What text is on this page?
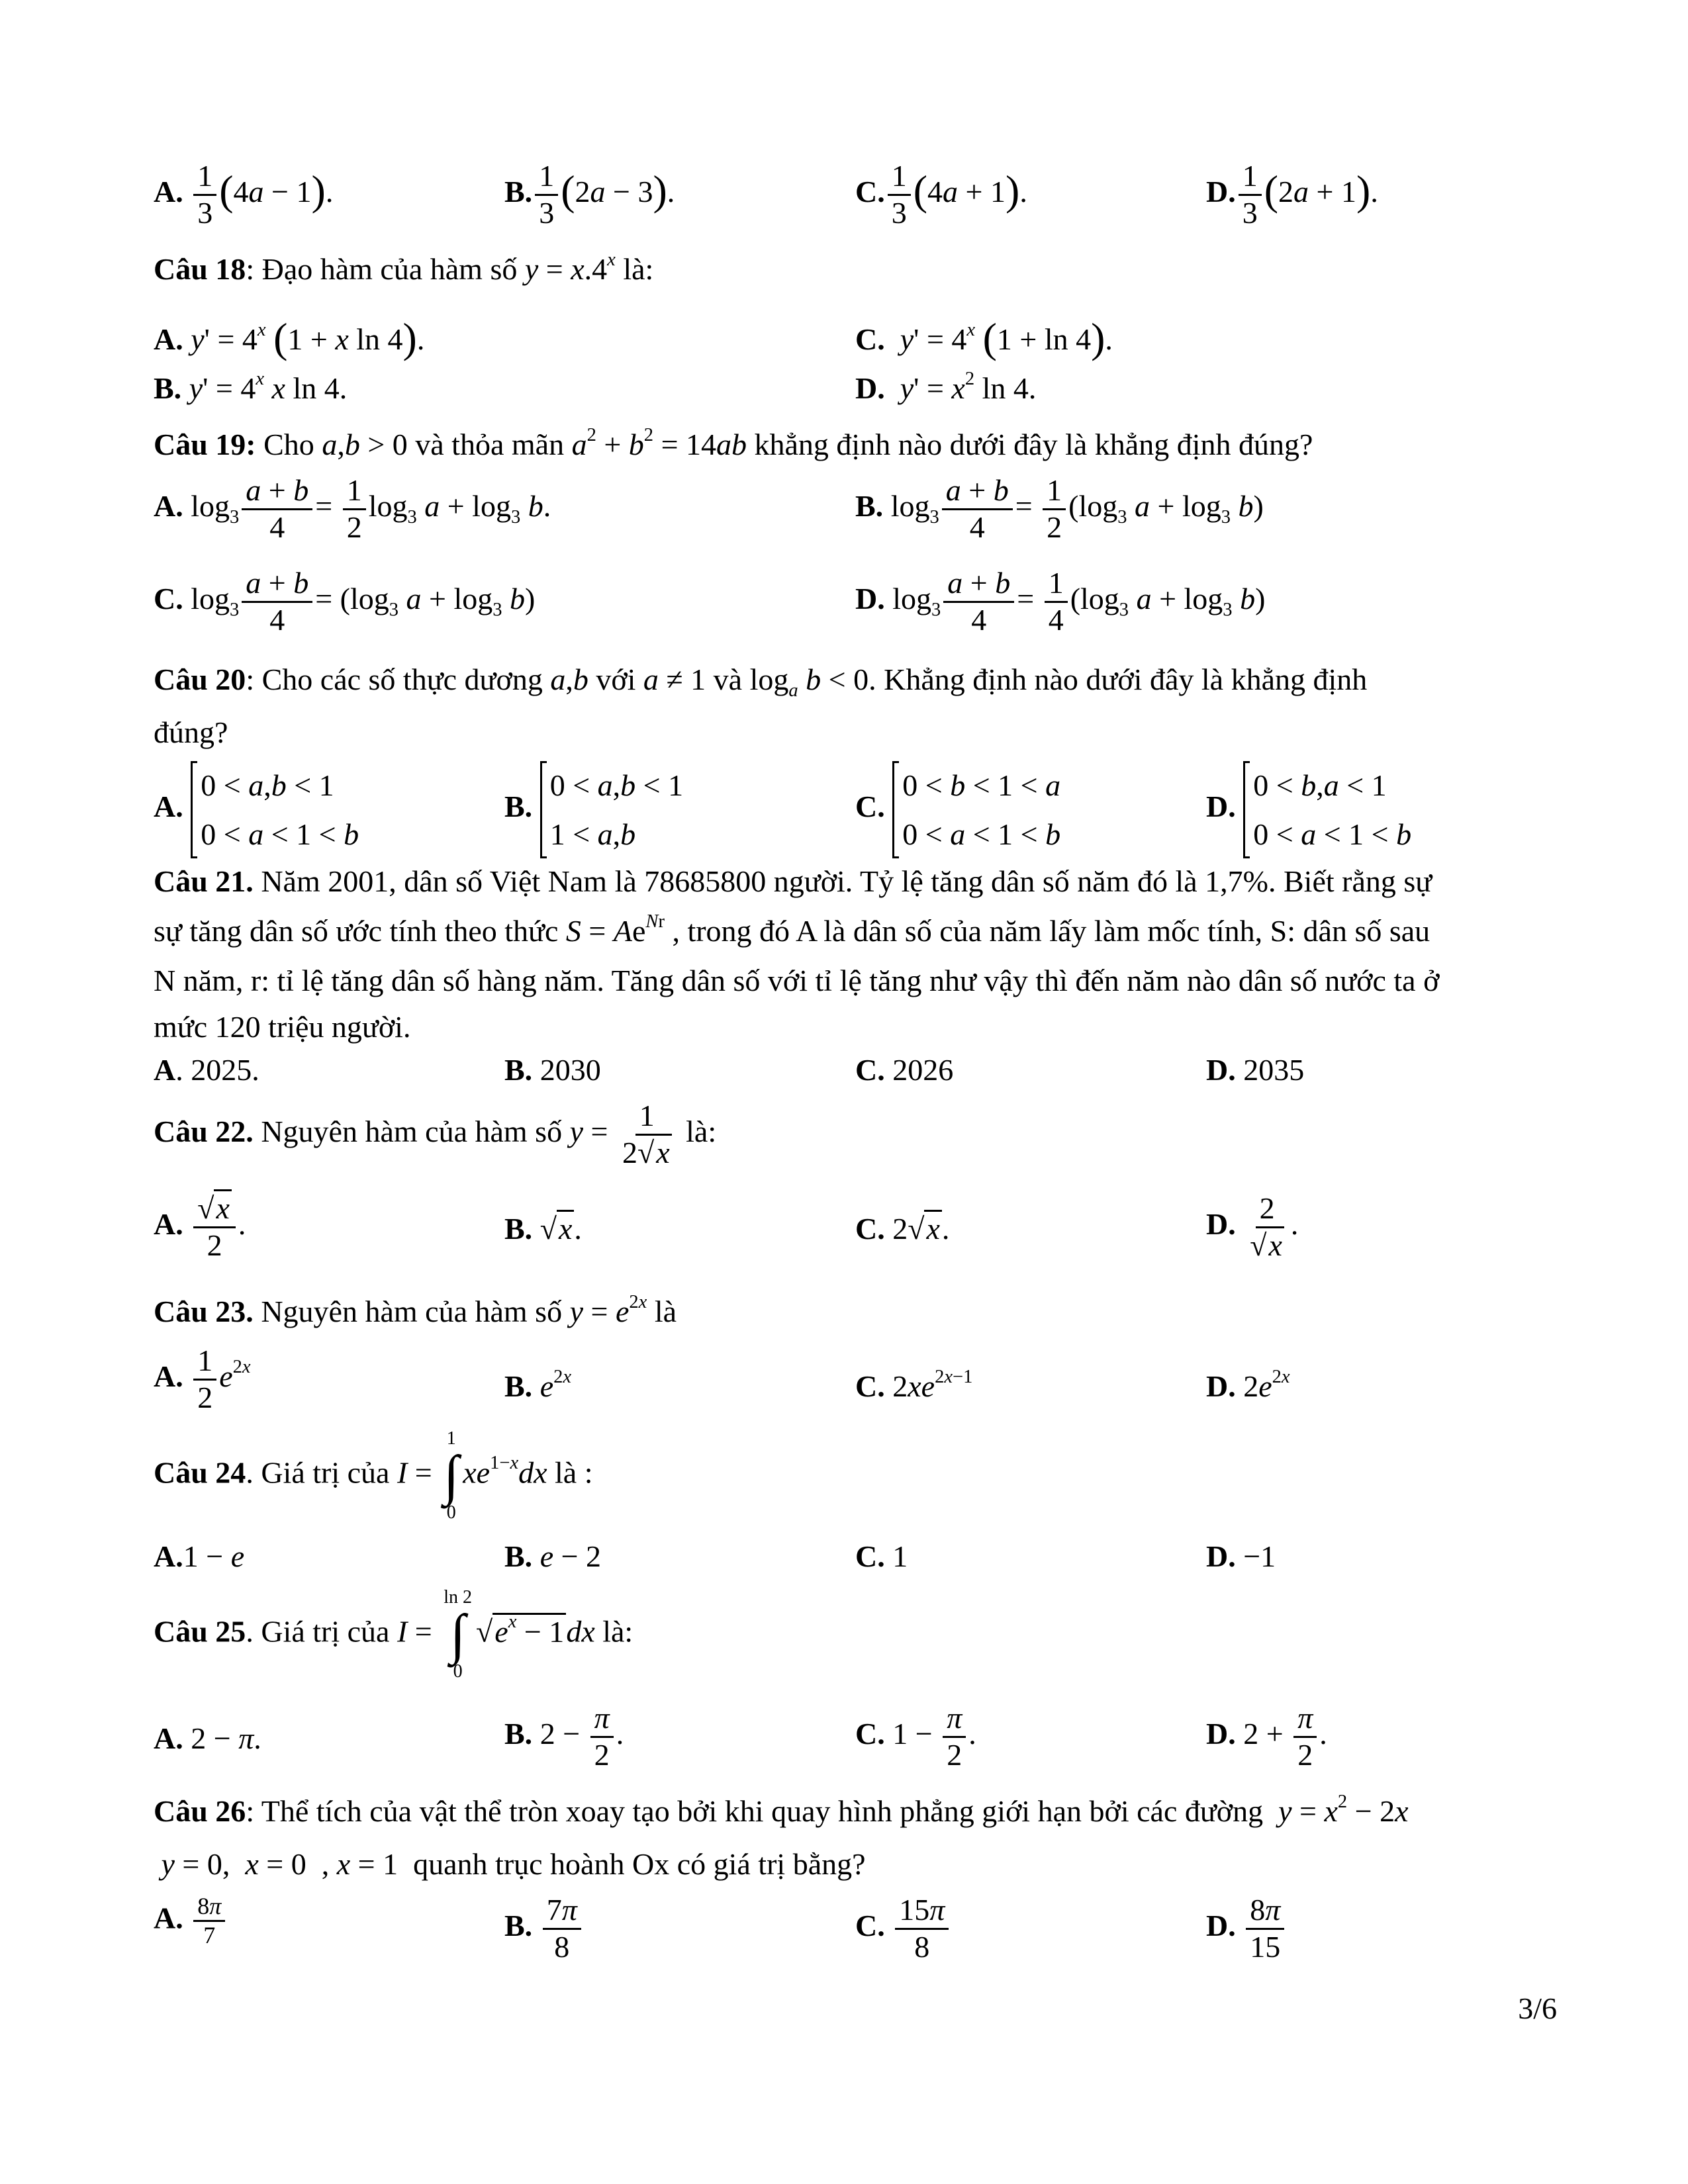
A. $\frac{1}{3} (4a - 1)$.	B. $\frac{1}{3} (2a - 3)$.	C. $\frac{1}{3} (4a + 1)$.	D. $\frac{1}{3} (2a + 1)$.
Câu 18: Đạo hàm của hàm số $y = x.4^x$ là:
A. $y' = 4^x$ (1 + x ln 4).	C. $y' = 4^x$ (1 + ln 4).
B. $y' = 4^x$ x ln 4.	D. $y' = x^2$ ln 4.
Câu 19: Cho a,b > 0 và thỏa mãn $a^2 + b^2 = 14ab$ khẳng định nào dưới đây là khẳng định đúng?
A. $\log_3 \frac{a + b}{4} = \frac{1}{2} \log_3 a + \log_3 b$.	B. $\log_3 \frac{a + b}{4} = \frac{1}{2} (\log_3$ $a + \log_3 b$)
C. $\log_3 \frac{a + b}{4} = (\log_3$ $a + \log_3 b$)	D. $\log_3 \frac{a + b}{4} = \frac{1}{4} (\log_3$ $a + \log_3 b$)
Câu 20: Cho các số thực dương a,b với a ≠ 1 và $\log_a b < 0$. Khẳng định nào dưới đây là khẳng định
đúng?
A.
0 < a,b < 1
0 < a < 1 < b
B.
0 < a,b < 1
1 < a,b
C.
0 < b < 1 < a
0 < a < 1 < b
D.
0 < b,a < 1
0 < a < 1 < b
Câu 21. Năm 2001, dân số Việt Nam là 78685800 người. Tỷ lệ tăng dân số năm đó là 1,7%. Biết rằng sự
sự tăng dân số ước tính theo thức $S = Ae^{Nr}$ , trong đó A là dân số của năm lấy làm mốc tính, S: dân số sau
N năm, r: tỉ lệ tăng dân số hàng năm. Tăng dân số với tỉ lệ tăng như vậy thì đến năm nào dân số nước ta ở
mức 120 triệu người.
A. 2025.	B. 2030	C. 2026	D. 2035
Câu 22. Nguyên hàm của hàm số $y = \frac{1}{2√x}$ là:
A. $\frac{√x}{2}$ .	B. √x.	C. 2√x.	D. $\frac{2}{√x}$ .
Câu 23. Nguyên hàm của hàm số $y = e^{2x}$ là
A. $\frac{1}{2} e^{2x}$
B. $e^{2x}$	C. $2xe^{2x-1}$	D. $2e^{2x}$
Câu 24. Giá trị của I =
1
∫
0
$xe^{1-x}dx$ là :
A.1 − e	B. e − 2	C. 1	D. −1
Câu 25. Giá trị của I =
ln 2
∫
0
$√e^x - 1dx$ là:
A. 2 − π.	B. $2 - \frac{\pi}{2}$ .	C. $1 - \frac{\pi}{2}$ .	D. $2 + \frac{\pi}{2}$ .
Câu 26: Thể tích của vật thể tròn xoay tạo bởi khi quay hình phẳng giới hạn bởi các đường $y = x^2 - 2x$
y = 0,  x = 0  , x = 1  quanh trục hoành Ox có giá trị bằng?
A. $\frac{8\pi}{7}$	B. $\frac{7\pi}{8}$	C. $\frac{15\pi}{8}$	D. $\frac{8\pi}{15}$
3/6
